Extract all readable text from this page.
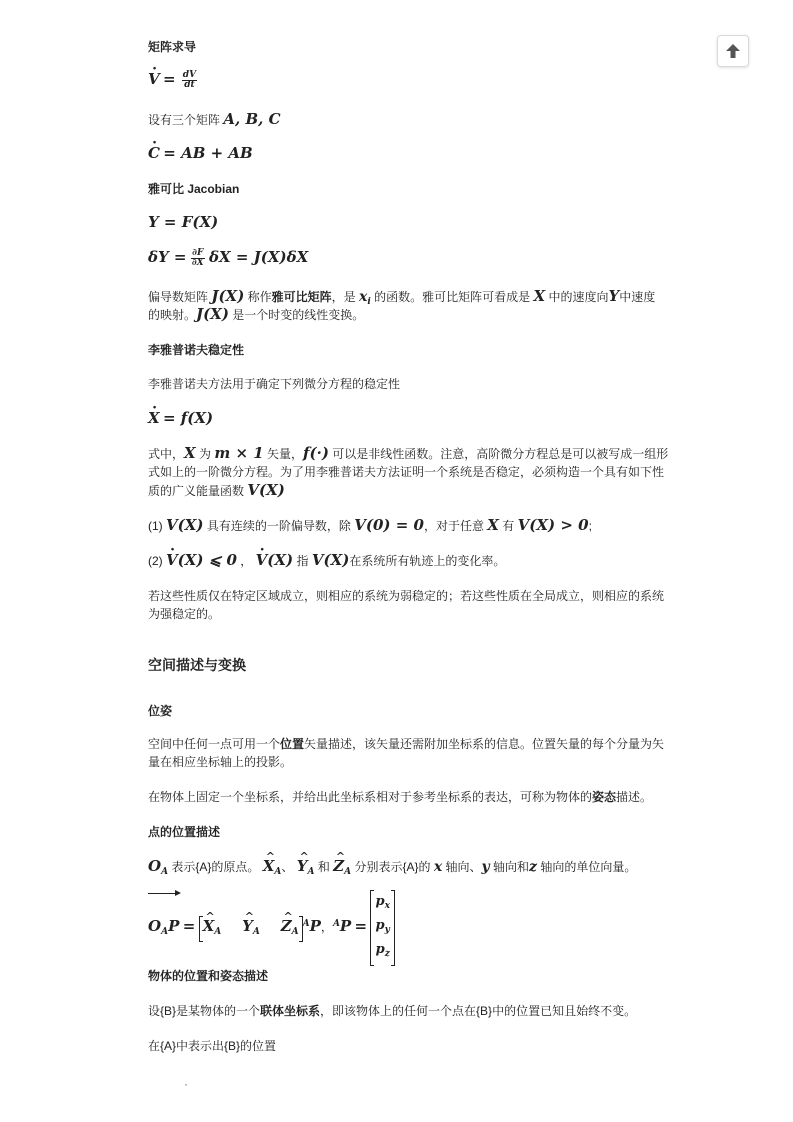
矩阵求导
· $V = \frac{dV}{dt}$
设有三个矩阵 A, B, C
· C = AB + AB
雅可比 Jacobian
Y = F(X)
$\delta Y = \frac{\partial F}{\partial X}$ δX = J(X)δX
偏导数矩阵 J(X) 称作雅可比矩阵，是 $x_i$ 的函数。雅可比矩阵可看成是 X 中的速度向Y中速度
的映射。J(X) 是一个时变的线性变换。
李雅普诺夫稳定性
李雅普诺夫方法用于确定下列微分方程的稳定性
· X = f(X)
式中，X 为 m × 1 矢量，f(·) 可以是非线性函数。注意，高阶微分方程总是可以被写成一组形
式如上的一阶微分方程。为了用李雅普诺夫方法证明一个系统是否稳定，必须构造一个具有如下性
质的广义能量函数 V(X)
(1) V(X) 具有连续的一阶偏导数，除 V(0) = 0，对于任意 X 有 V(X) > 0;
(2) · V(X) ⩽ 0 ， · V(X) 指 V(X)在系统所有轨迹上的变化率。
若这些性质仅在特定区域成立，则相应的系统为弱稳定的；若这些性质在全局成立，则相应的系统
为强稳定的。
空间描述与变换
位姿
空间中任何一点可用一个位置矢量描述，该矢量还需附加坐标系的信息。位置矢量的每个分量为矢
量在相应坐标轴上的投影。
在物体上固定一个坐标系，并给出此坐标系相对于参考坐标系的表达，可称为物体的姿态描述。
点的位置描述
$O_A$ 表示{A}的原点。 ^ $X_A$、 ^ $Y_A$ 和 ^ $Z_A$ 分别表示{A}的 x 轴向、y 轴向和z 轴向的单位向量。
$O_AP$ = ^ $X_A$ ^ $Y_A$ ^ $Z_A^AP$，$^A$P =
$p_x$
$p_y$
$p_z$
物体的位置和姿态描述
设{B}是某物体的一个联体坐标系，即该物体上的任何一个点在{B}中的位置已知且始终不变。
在{A}中表示出{B}的位置
·
